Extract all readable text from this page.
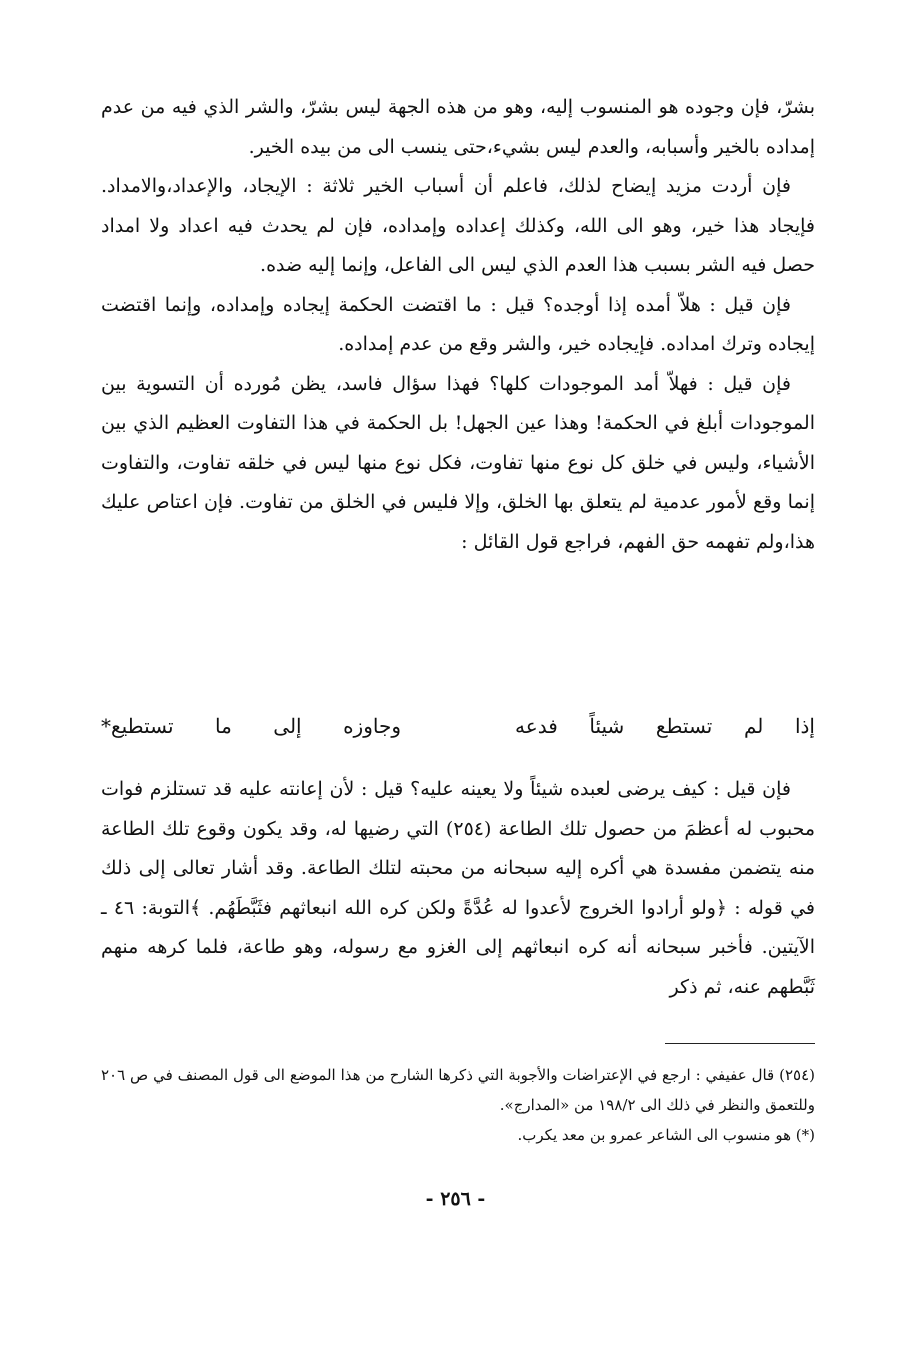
بشرّ، فإن وجوده هو المنسوب إليه، وهو من هذه الجهة ليس بشرّ، والشر الذي فيه من عدم إمداده بالخير وأسبابه، والعدم ليس بشيء،حتى ينسب الى من بيده الخير.

فإن أردت مزيد إيضاح لذلك، فاعلم أن أسباب الخير ثلاثة : الإيجاد، والإعداد،والامداد. فإيجاد هذا خير، وهو الى الله، وكذلك إعداده وإمداده، فإن لم يحدث فيه اعداد ولا امداد حصل فيه الشر بسبب هذا العدم الذي ليس الى الفاعل، وإنما إليه ضده.

فإن قيل : هلاّ أمده إذا أوجده؟ قيل : ما اقتضت الحكمة إيجاده وإمداده، وإنما اقتضت إيجاده وترك امداده. فإيجاده خير، والشر وقع من عدم إمداده.

فإن قيل : فهلاّ أمد الموجودات كلها؟ فهذا سؤال فاسد، يظن مُورده أن التسوية بين الموجودات أبلغ في الحكمة! وهذا عين الجهل! بل الحكمة في هذا التفاوت العظيم الذي بين الأشياء، وليس في خلق كل نوع منها تفاوت، فكل نوع منها ليس في خلقه تفاوت، والتفاوت إنما وقع لأمور عدمية لم يتعلق بها الخلق، وإلا فليس في الخلق من تفاوت. فإن اعتاص عليك هذا،ولم تفهمه حق الفهم، فراجع قول القائل :

إذا
لم
تستطع
شيئاً
فدعه
وجاوزه
إلى
ما
تستطيع*

فإن قيل : كيف يرضى لعبده شيئاً ولا يعينه عليه؟ قيل : لأن إعانته عليه قد تستلزم فوات محبوب له أعظمَ من حصول تلك الطاعة (٢٥٤) التي رضيها له، وقد يكون وقوع تلك الطاعة منه يتضمن مفسدة هي أكره إليه سبحانه من محبته لتلك الطاعة. وقد أشار تعالى إلى ذلك في قوله : ﴿ولو أرادوا الخروج لأعدوا له عُدَّةً ولكن كره الله انبعاثهم فثَبَّطَهُم. ﴾التوبة: ٤٦ ـ الآيتين. فأخبر سبحانه أنه كره انبعاثهم إلى الغزو مع رسوله، وهو طاعة، فلما كرهه منهم ثَبَّطهم عنه، ثم ذكر

(٢٥٤) قال عفيفي : ارجع في الإعتراضات والأجوبة التي ذكرها الشارح من هذا الموضع الى قول المصنف في ص ٢٠٦ وللتعمق والنظر في ذلك الى ١٩٨/٢ من «المدارج».

(*) هو منسوب الى الشاعر عمرو بن معد يكرب.

- ٢٥٦ -
